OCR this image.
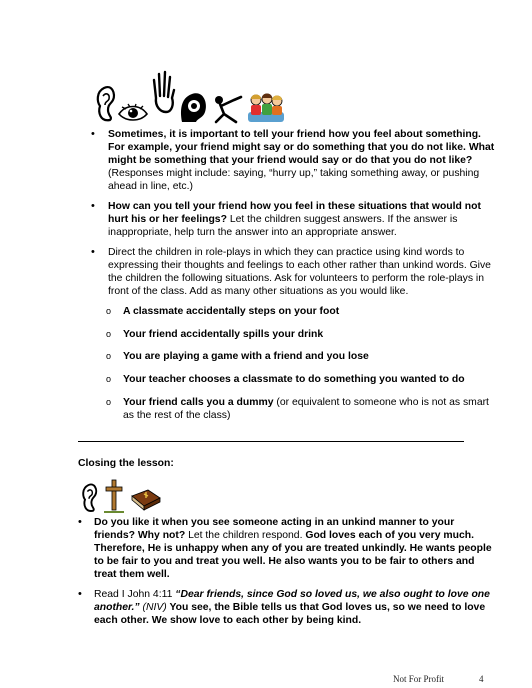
•	Sometimes, it is important to tell your friend how you feel about something. For example, your friend might say or do something that you do not like. What might be something that your friend would say or do that you do not like? (Responses might include: saying, “hurry up,” taking something away, or pushing ahead in line, etc.)
•	How can you tell your friend how you feel in these situations that would not hurt his or her feelings? Let the children suggest answers. If the answer is inappropriate, help turn the answer into an appropriate answer.
•	Direct the children in role-plays in which they can practice using kind words to expressing their thoughts and feelings to each other rather than unkind words. Give the children the following situations. Ask for volunteers to perform the role-plays in front of the class. Add as many other situations as you would like.
o A classmate accidentally steps on your foot
o Your friend accidentally spills your drink
o You are playing a game with a friend and you lose
o Your teacher chooses a classmate to do something you wanted to do
o Your friend calls you a dummy (or equivalent to someone who is not as smart as the rest of the class)
Closing the lesson:
•	Do you like it when you see someone acting in an unkind manner to your friends? Why not? Let the children respond. God loves each of you very much. Therefore, He is unhappy when any of you are treated unkindly. He wants people to be fair to you and treat you well. He also wants you to be fair to others and treat them well.
•	Read I John 4:11 “Dear friends, since God so loved us, we also ought to love one another.” (NIV) You see, the Bible tells us that God loves us, so we need to love each other. We show love to each other by being kind.
Not For Profit	4
